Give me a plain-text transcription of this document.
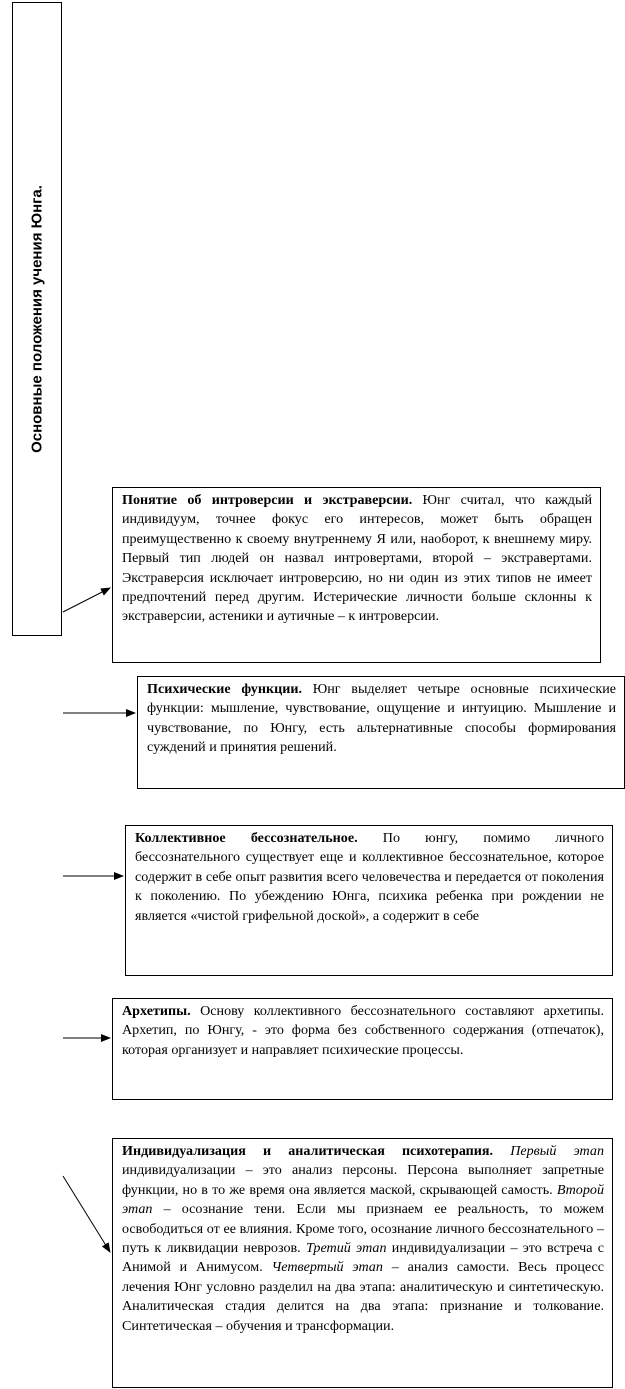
Основные положения учения Юнга.

Понятие об интроверсии и экстраверсии. Юнг считал, что каждый индивидуум, точнее фокус его интересов, может быть обращен преимущественно к своему внутреннему Я или, наоборот, к внешнему миру. Первый тип людей он назвал интровертами, второй – экстравертами. Экстраверсия исключает интроверсию, но ни один из этих типов не имеет предпочтений перед другим. Истерические личности больше склонны к экстраверсии, астеники и аутичные – к интроверсии.

Психические функции. Юнг выделяет четыре основные психические функции: мышление, чувствование, ощущение и интуицию. Мышление и чувствование, по Юнгу, есть альтернативные способы формирования суждений и принятия решений.

Коллективное бессознательное. По юнгу, помимо личного бессознательного существует еще и коллективное бессознательное, которое содержит в себе опыт развития всего человечества и передается от поколения к поколению. По убеждению Юнга, психика ребенка при рождении не является «чистой грифельной доской», а содержит в себе

Архетипы. Основу коллективного бессознательного составляют архетипы. Архетип, по Юнгу, - это форма без собственного содержания (отпечаток), которая организует и направляет психические процессы.

Индивидуализация и аналитическая психотерапия. Первый этап индивидуализации – это анализ персоны. Персона выполняет запретные функции, но в то же время она является маской, скрывающей самость. Второй этап – осознание тени. Если мы признаем ее реальность, то можем освободиться от ее влияния. Кроме того, осознание личного бессознательного – путь к ликвидации неврозов. Третий этап индивидуализации – это встреча с Анимой и Анимусом. Четвертый этап – анализ самости. Весь процесс лечения Юнг условно разделил на два этапа: аналитическую и синтетическую. Аналитическая стадия делится на два этапа: признание и толкование. Синтетическая – обучения и трансформации.
